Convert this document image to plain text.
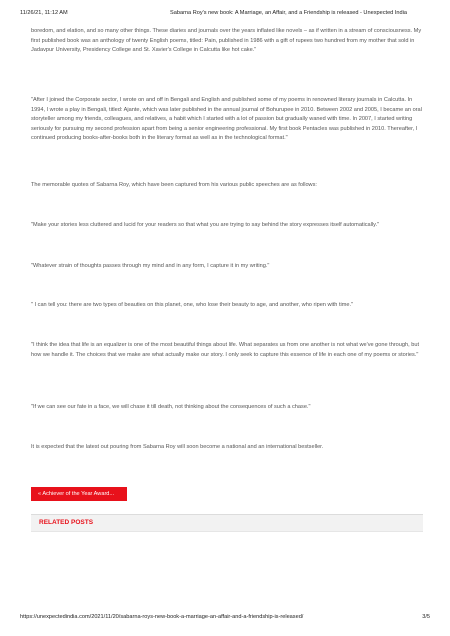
11/26/21, 11:12 AM	Sabarna Roy's new book: A Marriage, an Affair, and a Friendship is released - Unexpected India

boredom, and elation, and so many other things. These diaries and journals over the years inflated like novels – as if written in a stream of consciousness. My first published book was an anthology of twenty English poems, titled: Pain, published in 1986 with a gift of rupees two hundred from my mother that sold in Jadavpur University, Presidency College and St. Xavier's College in Calcutta like hot cake."

"After I joined the Corporate sector, I wrote on and off in Bengali and English and published some of my poems in renowned literary journals in Calcutta. In 1994, I wrote a play in Bengali, titled: Ajante, which was later published in the annual journal of Bohurupee in 2010. Between 2002 and 2005, I became an oral storyteller among my friends, colleagues, and relatives, a habit which I started with a lot of passion but gradually waned with time. In 2007, I started writing seriously for pursuing my second profession apart from being a senior engineering professional. My first book Pentacles was published in 2010. Thereafter, I continued producing books-after-books both in the literary format as well as in the technological format."

The memorable quotes of Sabarna Roy, which have been captured from his various public speeches are as follows:

"Make your stories less cluttered and lucid for your readers so that what you are trying to say behind the story expresses itself automatically."

"Whatever strain of thoughts passes through my mind and in any form, I capture it in my writing."

" I can tell you: there are two types of beauties on this planet, one, who lose their beauty to age, and another, who ripen with time."

"I think the idea that life is an equalizer is one of the most beautiful things about life. What separates us from one another is not what we've gone through, but how we handle it. The choices that we make are what actually make our story. I only seek to capture this essence of life in each one of my poems or stories."

"If we can see our fate in a face, we will chase it till death, not thinking about the consequences of such a chase."

It is expected that the latest out pouring from Sabarna Roy will soon become a national and an international bestseller.

« Achiever of the Year Award...
RELATED POSTS
https://unexpectedindia.com/2021/11/20/sabarna-roys-new-book-a-marriage-an-affair-and-a-friendship-is-released/	3/5
